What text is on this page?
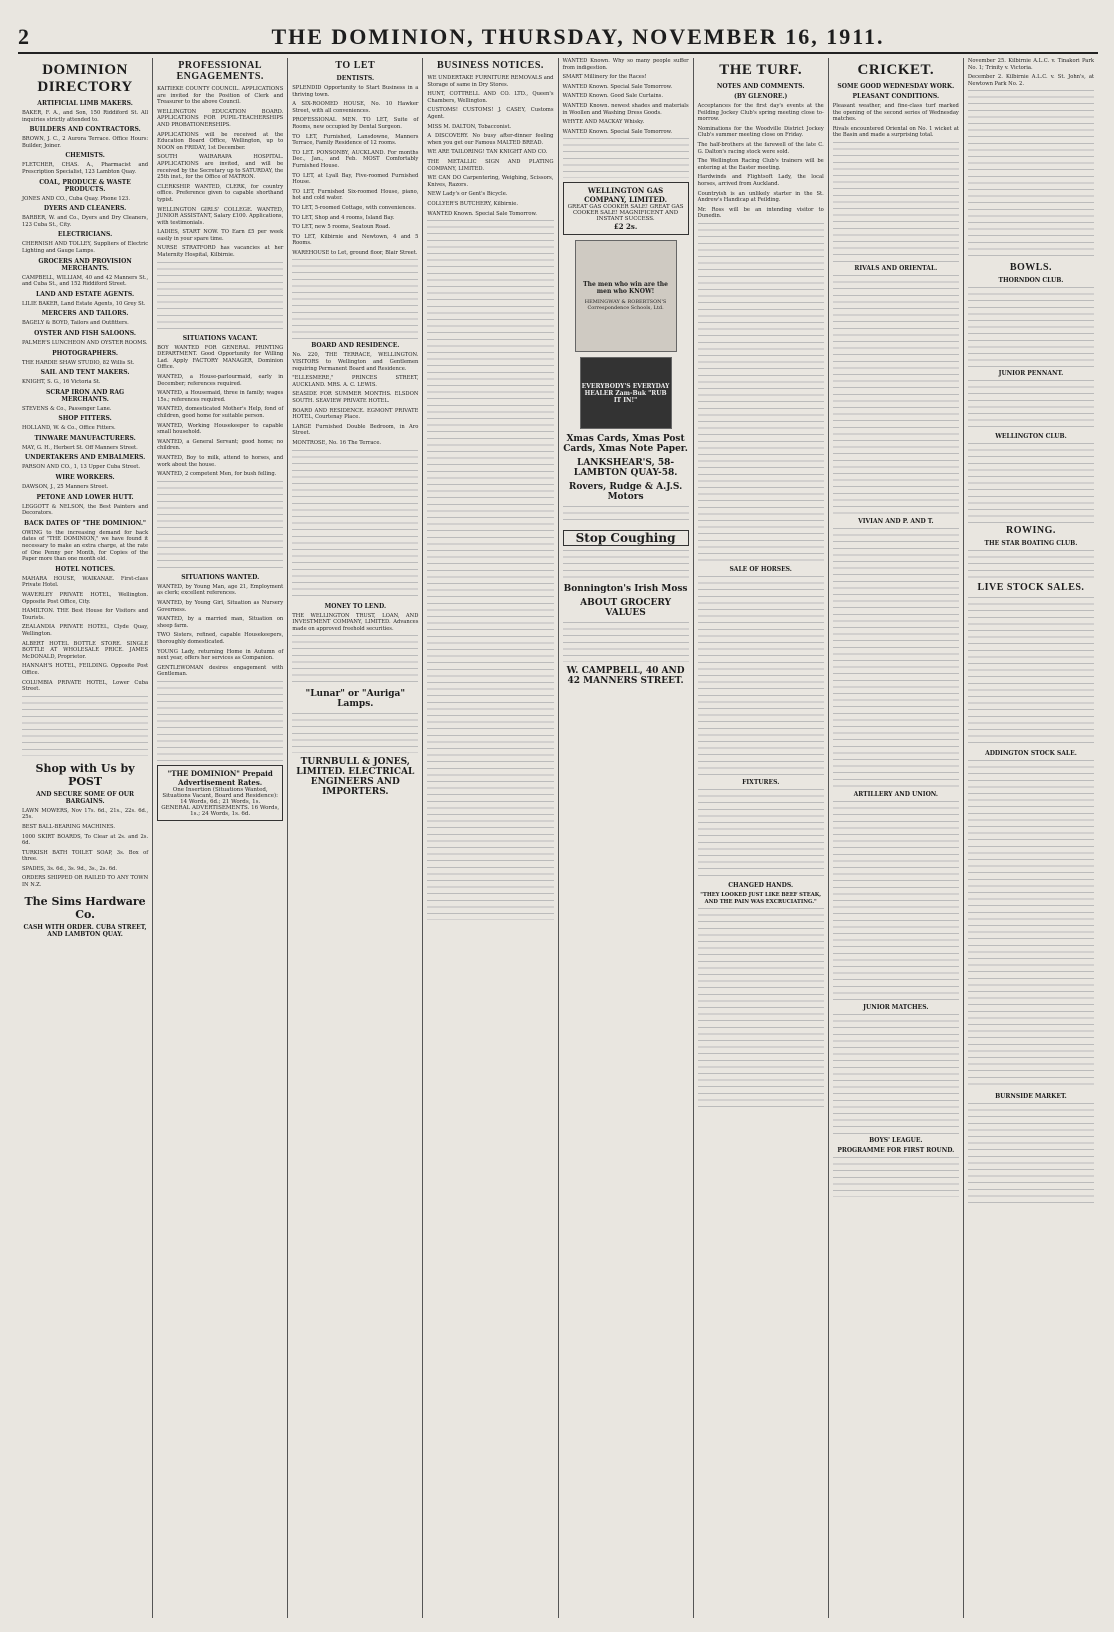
2	THE DOMINION, THURSDAY, NOVEMBER 16, 1911.
DOMINION DIRECTORY
ARTIFICIAL LIMB MAKERS.
BAKER, F. A., and Son, 150 Riddiford St. All inquiries strictly attended to.
BUILDERS AND CONTRACTORS.
BROWN, J. C., 2 Aurora Terrace. Office Hours: Builder, Joiner.
CHEMISTS.
FLETCHER, CHAS. A., Pharmacist and Prescription Specialist, 123 Lambton Quay.
COAL, PRODUCE & WASTE PRODUCTS.
JONES AND CO., Cuba Quay. Phone 123.
DYERS AND CLEANERS.
BARBER, W. and Co., Dyers and Dry Cleaners, 123 Cuba St., City.
ELECTRICIANS.
CHERNISH AND TOLLEY, Suppliers of Electric Lighting and Gauge Lamps.
GROCERS AND PROVISION MERCHANTS.
CAMPBELL, WILLIAM, 40 and 42 Manners St., and Cuba St., and 152 Riddiford Street.
LAND AND ESTATE AGENTS.
LILIE BAKER, Land Estate Agents, 10 Grey St.
MERCERS AND TAILORS.
BAGELY & BOYD, Tailors and Outfitters.
OYSTER AND FISH SALOONS.
PALMER'S LUNCHEON AND OYSTER ROOMS.
PHOTOGRAPHERS.
THE HARDIE SHAW STUDIO, 82 Willis St.
SAIL AND TENT MAKERS.
KNIGHT, S. G., 16 Victoria St.
SCRAP IRON AND RAG MERCHANTS.
STEVENS & Co., Passenger Lane.
SHOP FITTERS.
HOLLAND, W. & Co., Office Fitters.
TINWARE MANUFACTURERS.
MAY, G. H., Herbert St. Off Manners Street.
UNDERTAKERS AND EMBALMERS.
PARSON AND CO., 1, 13 Upper Cuba Street.
WIRE WORKERS.
DAWSON, J., 25 Manners Street.
PETONE AND LOWER HUTT.
LEGGOTT & NELSON, the Best Painters and Decorators.
BACK DATES OF "THE DOMINION."
OWING to the increasing demand for back dates of "THE DOMINION," we have found it necessary to make an extra charge, at the rate of One Penny per Month, for Copies of the Paper more than one month old.
HOTEL NOTICES.
MAHARA HOUSE, WAIKANAE. First-class Private Hotel.
WAVERLEY PRIVATE HOTEL, Wellington. Opposite Post Office, City.
HAMILTON. THE Best House for Visitors and Tourists.
ZEALANDIA PRIVATE HOTEL, Clyde Quay, Wellington.
ALBERT HOTEL BOTTLE STORE. SINGLE BOTTLE AT WHOLESALE PRICE. JAMES McDONALD, Proprietor.
HANNAH'S HOTEL, FEILDING. Opposite Post Office.
COLUMBIA PRIVATE HOTEL, Lower Cuba Street.
Shop with Us by POST
AND SECURE SOME OF OUR BARGAINS.
LAWN MOWERS, Nov 17s. 6d., 21s., 22s. 6d., 25s.
BEST BALL-BEARING MACHINES.
1000 SKIRT BOARDS, To Clear at 2s. and 2s. 6d.
TURKISH BATH TOILET SOAP, 3s. Box of three.
SPADES, 3s. 6d., 3s. 9d., 3s., 2s. 6d.
ORDERS SHIPPED OR RAILED TO ANY TOWN IN N.Z.
The Sims Hardware Co.
CASH WITH ORDER. CUBA STREET, AND LAMBTON QUAY.
PROFESSIONAL ENGAGEMENTS.
KAITIEKE COUNTY COUNCIL. APPLICATIONS are invited for the Position of Clerk and Treasurer to the above Council.
WELLINGTON EDUCATION BOARD. APPLICATIONS FOR PUPIL-TEACHERSHIPS AND PROBATIONERSHIPS.
APPLICATIONS will be received at the Education Board Office, Wellington, up to NOON on FRIDAY, 1st December.
SOUTH WAIRARAPA HOSPITAL. APPLICATIONS are invited, and will be received by the Secretary up to SATURDAY, the 25th inst., for the Office of MATRON.
CLERKSHIP. WANTED, CLERK, for country office. Preference given to capable shorthand typist.
WELLINGTON GIRLS' COLLEGE. WANTED, JUNIOR ASSISTANT, Salary £100. Applications, with testimonials.
LADIES, START NOW. TO Earn £5 per week easily in your spare time.
NURSE STRATFORD has vacancies at her Maternity Hospital, Kilbirnie.
SITUATIONS VACANT.
BOY WANTED FOR GENERAL PRINTING DEPARTMENT. Good Opportunity for Willing Lad. Apply FACTORY MANAGER, Dominion Office.
WANTED, a House-parlourmaid, early in December; references required.
WANTED, a Housemaid, three in family; wages 15s.; references required.
WANTED, domesticated Mother's Help, fond of children, good home for suitable person.
WANTED, Working Housekeeper to capable small household.
WANTED, a General Servant; good home; no children.
WANTED, Boy to milk, attend to horses, and work about the house.
WANTED, 2 competent Men, for bush felling.
SITUATIONS WANTED.
WANTED, by Young Man, age 21, Employment as clerk; excellent references.
WANTED, by Young Girl, Situation as Nursery Governess.
WANTED, by a married man, Situation on sheep farm.
TWO Sisters, refined, capable Housekeepers, thoroughly domesticated.
YOUNG Lady, returning Home in Autumn of next year, offers her services as Companion.
GENTLEWOMAN desires engagement with Gentleman.
"THE DOMINION" Prepaid Advertisement Rates.
One Insertion (Situations Wanted, Situations Vacant, Board and Residence): 14 Words, 6d.; 21 Words, 1s.
GENERAL ADVERTISEMENTS. 16 Words, 1s.; 24 Words, 1s. 6d.
TO LET
DENTISTS.
SPLENDID Opportunity to Start Business in a thriving town.
A SIX-ROOMED HOUSE, No. 10 Hawker Street, with all conveniences.
PROFESSIONAL MEN. TO LET, Suite of Rooms, new occupied by Dental Surgeon.
TO LET, Furnished, Lansdowne, Manners Terrace, Family Residence of 12 rooms.
TO LET. PONSONBY, AUCKLAND. For months Dec., Jan., and Feb. MOST Comfortably Furnished House.
TO LET, at Lyall Bay, Five-roomed Furnished House.
TO LET, Furnished Six-roomed House, piano, hot and cold water.
TO LET, 5-roomed Cottage, with conveniences.
TO LET, Shop and 4 rooms, Island Bay.
TO LET, new 5 rooms, Seatoun Road.
TO LET, Kilbirnie and Newtown, 4 and 5 Rooms.
WAREHOUSE to Let, ground floor, Blair Street.
BOARD AND RESIDENCE.
No. 220, THE TERRACE, WELLINGTON. VISITORS to Wellington and Gentlemen requiring Permanent Board and Residence.
"ELLESMERE," PRINCES STREET, AUCKLAND. MRS. A. C. LEWIS.
SEASIDE FOR SUMMER MONTHS. ELSDON SOUTH. SEAVIEW PRIVATE HOTEL.
BOARD AND RESIDENCE. EGMONT PRIVATE HOTEL, Courtenay Place.
LARGE Furnished Double Bedroom, in Aro Street.
MONTROSE, No. 16 The Terrace.
MONEY TO LEND.
THE WELLINGTON TRUST, LOAN, AND INVESTMENT COMPANY, LIMITED. Advances made on approved freehold securities.
"Lunar" or "Auriga" Lamps.
TURNBULL & JONES, LIMITED. ELECTRICAL ENGINEERS AND IMPORTERS.
BUSINESS NOTICES.
WE UNDERTAKE FURNITURE REMOVALS and Storage of same in Dry Stores.
HUNT, COTTRELL AND CO. LTD., Queen's Chambers, Wellington.
CUSTOMS! CUSTOMS! J. CASEY, Customs Agent.
MISS M. DALTON, Tobacconist.
A DISCOVERY. No busy after-dinner feeling when you get our Famous MALTED BREAD.
WE ARE TAILORING! TAN KNIGHT AND CO.
THE METALLIC SIGN AND PLATING COMPANY, LIMITED.
WE CAN DO Carpentering, Weighing, Scissors, Knives, Razors.
NEW Lady's or Gent's Bicycle.
COLLYER'S BUTCHERY, Kilbirnie.
WANTED Known. Special Sale Tomorrow.
WANTED Known. Why so many people suffer from indigestion.
SMART Millinery for the Races!
WANTED Known. Special Sale Tomorrow.
WANTED Known. Good Sale Curtains.
WANTED Known. newest shades and materials in Woollen and Washing Dress Goods.
WHYTE AND MACKAY Whisky.
WANTED Known. Special Sale Tomorrow.
WELLINGTON GAS COMPANY, LIMITED.
GREAT GAS COOKER SALE! GREAT GAS COOKER SALE! MAGNIFICENT AND INSTANT SUCCESS.
£2 2s.
The men who win are the men who KNOW!
HEMINGWAY & ROBERTSON'S Correspondence Schools, Ltd.
EVERYBODY'S EVERYDAY HEALER Zam-Buk "RUB IT IN!"
Xmas Cards, Xmas Post Cards, Xmas Note Paper.
LANKSHEAR'S, 58-LAMBTON QUAY-58.
Rovers, Rudge & A.J.S. Motors
Stop Coughing
Bonnington's Irish Moss
ABOUT GROCERY VALUES
W. CAMPBELL, 40 AND 42 MANNERS STREET.
THE TURF.
NOTES AND COMMENTS.
(BY GLENORE.)
Acceptances for the first day's events at the Feilding Jockey Club's spring meeting close to-morrow.
Nominations for the Woodville District Jockey Club's summer meeting close on Friday.
The half-brothers at the farewell of the late C. G. Dalton's racing stock were sold.
The Wellington Racing Club's trainers will be entering at the Easter meeting.
Hardwinds and Flightsoft Lady, the local horses, arrived from Auckland.
Countryish is an unlikely starter in the St. Andrew's Handicap at Feilding.
Mr. Ross will be an intending visitor to Dunedin.
SALE OF HORSES.
FIXTURES.
CHANGED HANDS.
"THEY LOOKED JUST LIKE BEEF STEAK, AND THE PAIN WAS EXCRUCIATING."
CRICKET.
SOME GOOD WEDNESDAY WORK.
PLEASANT CONDITIONS.
Pleasant weather, and fine-class turf marked the opening of the second series of Wednesday matches.
Rivals encountered Oriental on No. 1 wicket at the Basin and made a surprising total.
RIVALS AND ORIENTAL.
VIVIAN AND P. AND T.
ARTILLERY AND UNION.
JUNIOR MATCHES.
BOYS' LEAGUE.
PROGRAMME FOR FIRST ROUND.
November 25. Kilbirnie A.L.C. v. Tinakori Park No. 1; Trinity v. Victoria.
December 2. Kilbirnie A.L.C. v. St. John's, at Newtown Park No. 2.
BOWLS.
THORNDON CLUB.
JUNIOR PENNANT.
WELLINGTON CLUB.
ROWING.
THE STAR BOATING CLUB.
LIVE STOCK SALES.
ADDINGTON STOCK SALE.
BURNSIDE MARKET.
